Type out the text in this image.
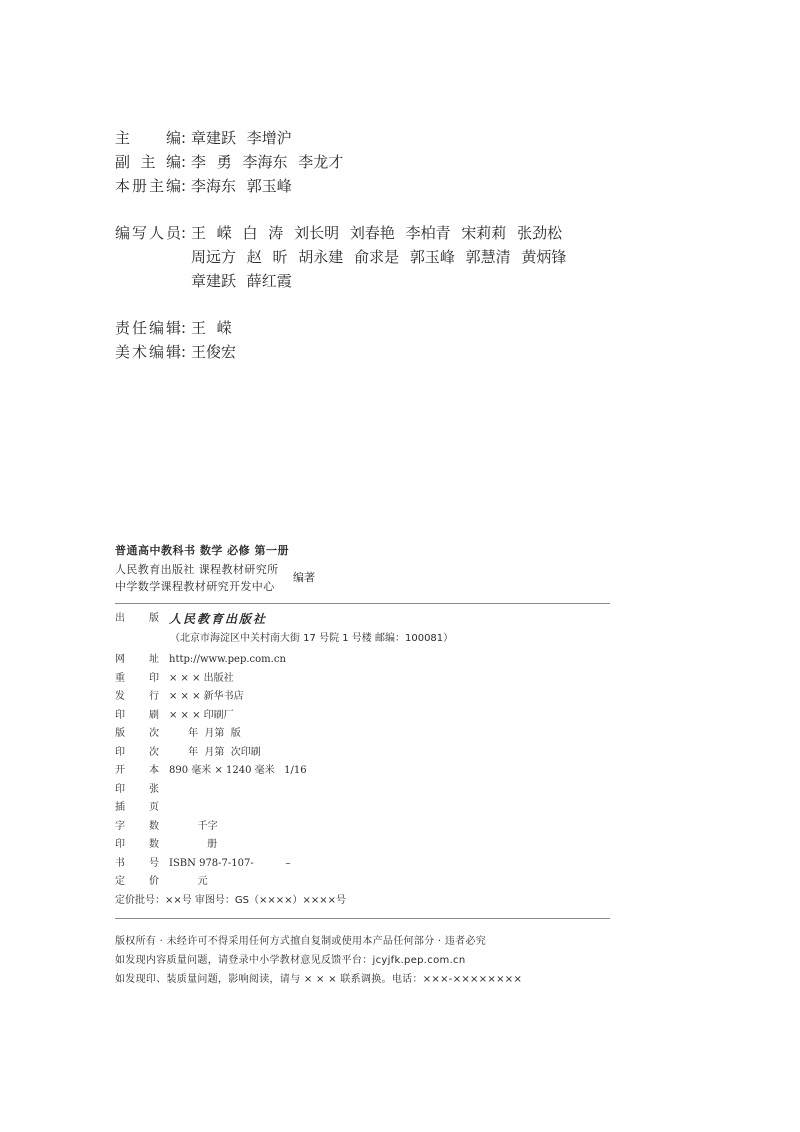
主编 : 章建跃 李增沪
副主编 : 李 勇 李海东 李龙才
本册主编 : 李海东 郭玉峰
编写人员 : 王 嵘 白 涛 刘长明 刘春艳 李柏青 宋莉莉 张劲松
周远方 赵 昕 胡永建 俞求是 郭玉峰 郭慧清 黄炳锋
章建跃 薛红霞
责任编辑 : 王 嵘
美术编辑 : 王俊宏
普通高中教科书 数学 必修 第一册
人民教育出版社 课程教材研究所
中学数学课程教材研究开发中心
编著
出版 人民教育出版社
（北京市海淀区中关村南大街 17 号院 1 号楼 邮编：100081）
网址 http://www.pep.com.cn
重印 × × × 出版社
发行 × × × 新华书店
印刷 × × × 印刷厂
版次 年  月第  版
印次 年  月第  次印刷
开本 890 毫米 × 1240 毫米   1/16
印张
插页
字数 千字
印数 册
书号 ISBN 978-7-107-          –
定价 元
定价批号：××号 审图号：GS（××××）××××号
版权所有 · 未经许可不得采用任何方式擅自复制或使用本产品任何部分 · 违者必究
如发现内容质量问题，请登录中小学教材意见反馈平台：jcyjfk.pep.com.cn
如发现印、装质量问题，影响阅读，请与 × × × 联系调换。电话：×××-××××××××
